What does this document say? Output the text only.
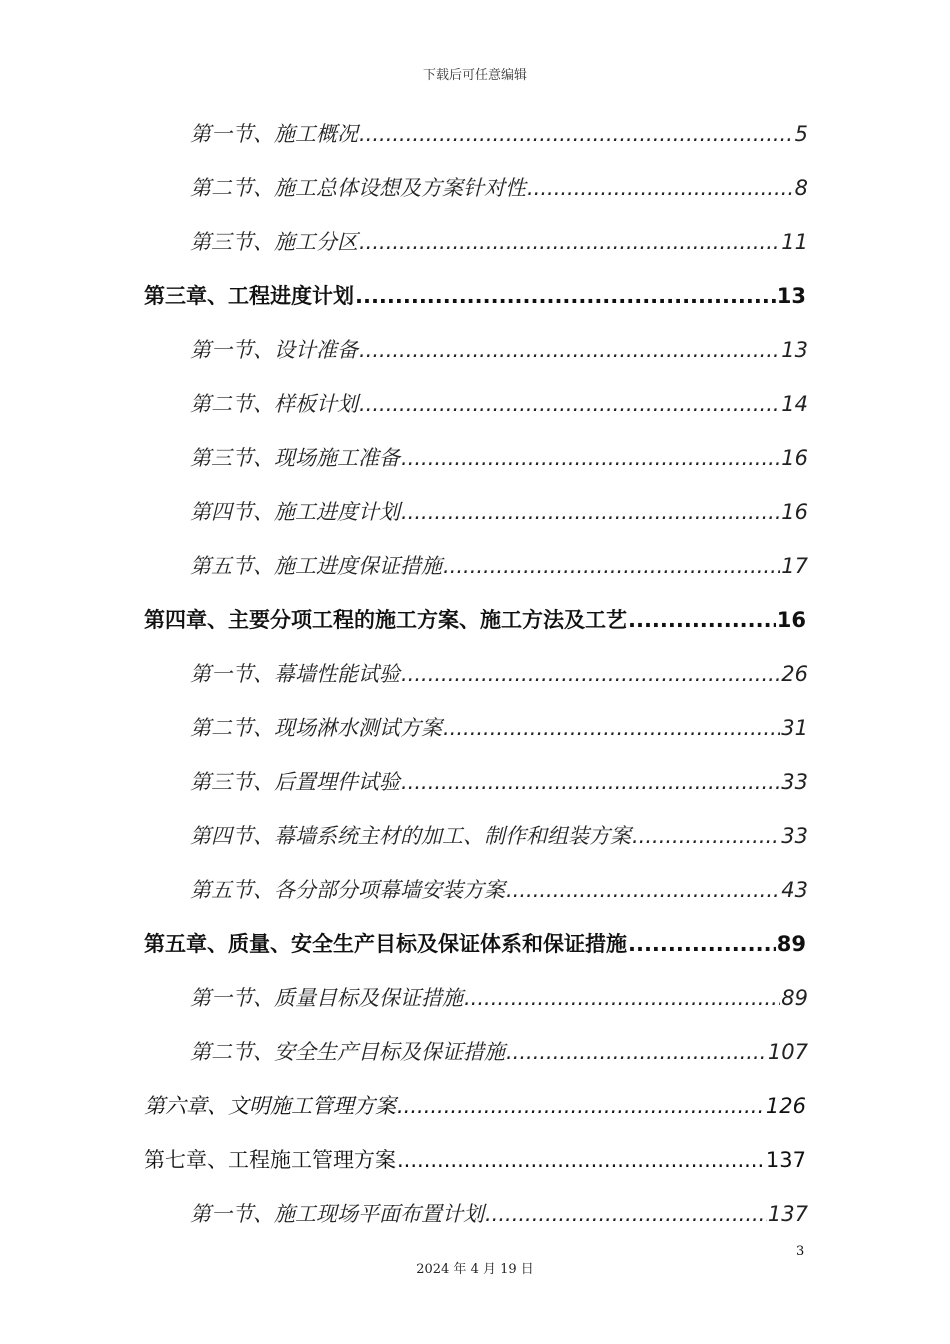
下载后可任意编辑
第一节、施工概况 .....	5
第二节、施工总体设想及方案针对性 .....	8
第三节、施工分区 .....	11
第三章、工程进度计划 .....	13
第一节、设计准备 .....	13
第二节、样板计划 .....	14
第三节、现场施工准备 .....	16
第四节、施工进度计划 .....	16
第五节、施工进度保证措施 .....	17
第四章、主要分项工程的施工方案、施工方法及工艺 .....	16
第一节、幕墙性能试验 .....	26
第二节、现场淋水测试方案 .....	31
第三节、后置埋件试验 .....	33
第四节、幕墙系统主材的加工、制作和组装方案 .....	33
第五节、各分部分项幕墙安装方案 .....	43
第五章、质量、安全生产目标及保证体系和保证措施 .....	89
第一节、质量目标及保证措施 .....	89
第二节、安全生产目标及保证措施 .....	107
第六章、文明施工管理方案 .....	126
第七章、工程施工管理方案 .....	137
第一节、施工现场平面布置计划 .....	137
3
2024 年 4 月 19 日
